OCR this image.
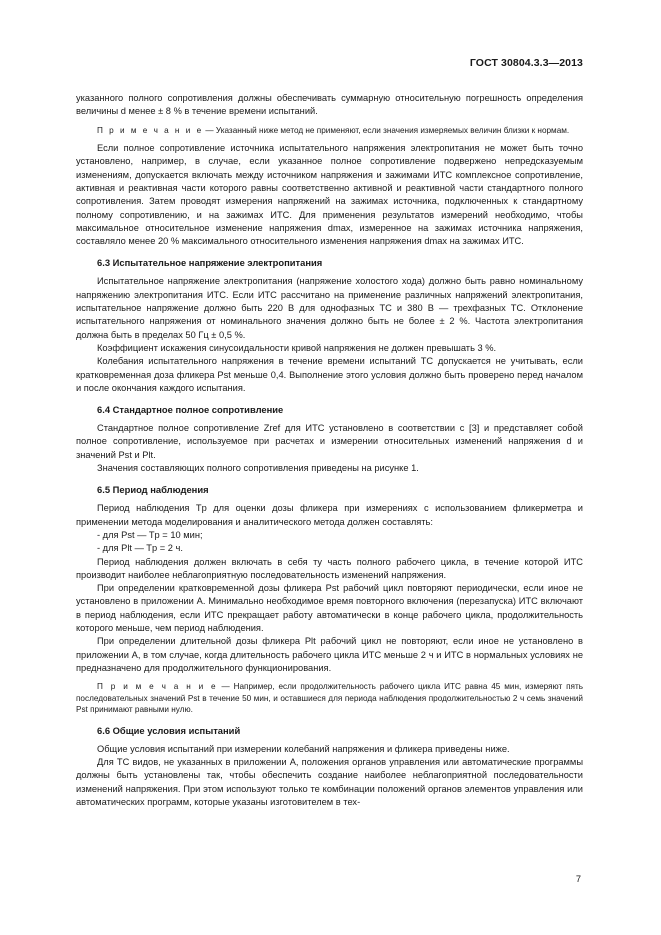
ГОСТ 30804.3.3—2013

указанного полного сопротивления должны обеспечивать суммарную относительную погрешность определения величины d менее ± 8 % в течение времени испытаний.

П р и м е ч а н и е — Указанный ниже метод не применяют, если значения измеряемых величин близки к нормам.

Если полное сопротивление источника испытательного напряжения электропитания не может быть точно установлено, например, в случае, если указанное полное сопротивление подвержено непредсказуемым изменениям, допускается включать между источником напряжения и зажимами ИТС комплексное сопротивление, активная и реактивная части которого равны соответственно активной и реактивной части стандартного полного сопротивления. Затем проводят измерения напряжений на зажимах источника, подключенных к стандартному полному сопротивлению, и на зажимах ИТС. Для применения результатов измерений необходимо, чтобы максимальное относительное изменение напряжения dmax, измеренное на зажимах источника напряжения, составляло менее 20 % максимального относительного изменения напряжения dmax на зажимах ИТС.

6.3 Испытательное напряжение электропитания

Испытательное напряжение электропитания (напряжение холостого хода) должно быть равно номинальному напряжению электропитания ИТС. Если ИТС рассчитано на применение различных напряжений электропитания, испытательное напряжение должно быть 220 В для однофазных ТС и 380 В — трехфазных ТС. Отклонение испытательного напряжения от номинального значения должно быть не более ± 2 %. Частота электропитания должна быть в пределах 50 Гц ± 0,5 %.

Коэффициент искажения синусоидальности кривой напряжения не должен превышать 3 %.

Колебания испытательного напряжения в течение времени испытаний ТС допускается не учитывать, если кратковременная доза фликера Pst меньше 0,4. Выполнение этого условия должно быть проверено перед началом и после окончания каждого испытания.

6.4 Стандартное полное сопротивление

Стандартное полное сопротивление Zref для ИТС установлено в соответствии с [3] и представляет собой полное сопротивление, используемое при расчетах и измерении относительных изменений напряжения d и значений Pst и Plt.

Значения составляющих полного сопротивления приведены на рисунке 1.

6.5 Период наблюдения

Период наблюдения Tp для оценки дозы фликера при измерениях с использованием фликерметра и применении метода моделирования и аналитического метода должен составлять:

- для Pst — Tp = 10 мин;

- для Plt — Tp = 2 ч.

Период наблюдения должен включать в себя ту часть полного рабочего цикла, в течение которой ИТС производит наиболее неблагоприятную последовательность изменений напряжения.

При определении кратковременной дозы фликера Pst рабочий цикл повторяют периодически, если иное не установлено в приложении А. Минимально необходимое время повторного включения (перезапуска) ИТС включают в период наблюдения, если ИТС прекращает работу автоматически в конце рабочего цикла, продолжительность которого меньше, чем период наблюдения.

При определении длительной дозы фликера Plt рабочий цикл не повторяют, если иное не установлено в приложении А, в том случае, когда длительность рабочего цикла ИТС меньше 2 ч и ИТС в нормальных условиях не предназначено для продолжительного функционирования.

П р и м е ч а н и е — Например, если продолжительность рабочего цикла ИТС равна 45 мин, измеряют пять последовательных значений Pst в течение 50 мин, и оставшиеся для периода наблюдения продолжительностью 2 ч семь значений Pst принимают равными нулю.

6.6 Общие условия испытаний

Общие условия испытаний при измерении колебаний напряжения и фликера приведены ниже.

Для ТС видов, не указанных в приложении А, положения органов управления или автоматические программы должны быть установлены так, чтобы обеспечить создание наиболее неблагоприятной последовательности изменений напряжения. При этом используют только те комбинации положений органов элементов управления или автоматических программ, которые указаны изготовителем в тех-

7
